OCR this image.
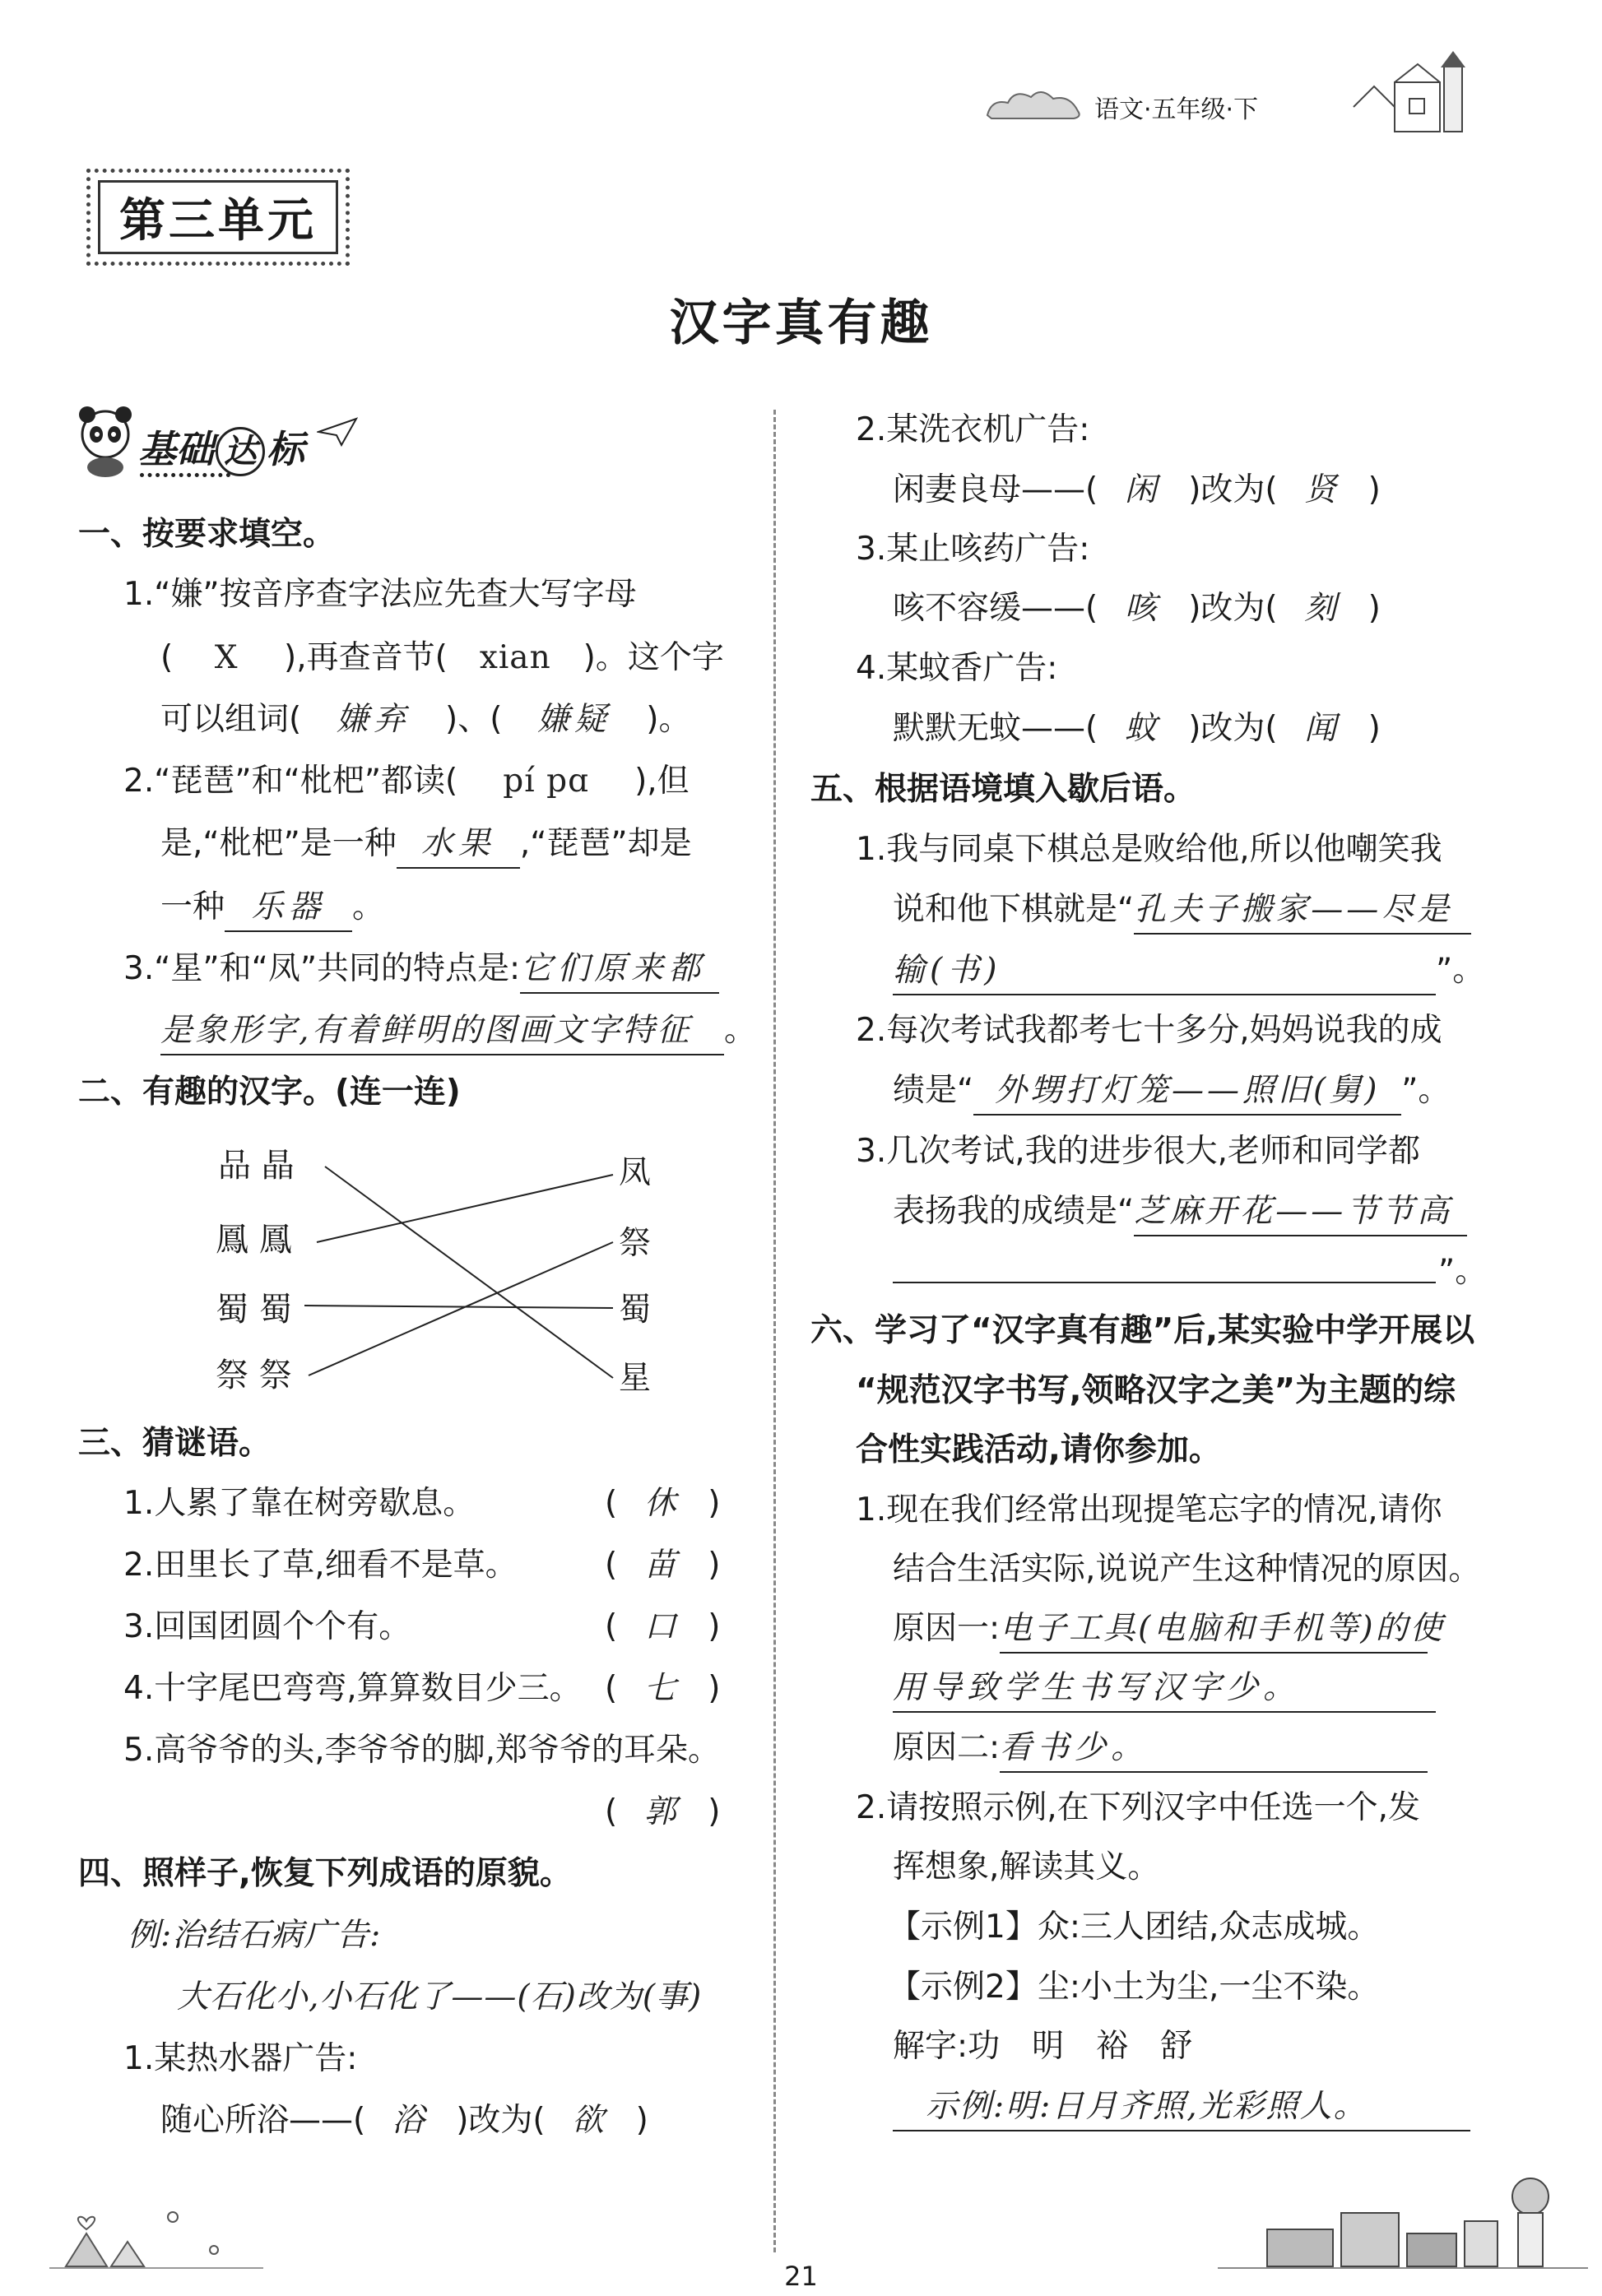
语文·五年级·下
第三单元
汉字真有趣
基础 达 标
一、按要求填空。
1.“嫌”按音序查字法应先查大写字母
( X ),再查音节( xian )。这个字
可以组词( 嫌弃 )、( 嫌疑 )。
2.“琵琶”和“枇杷”都读( pí pɑ ),但
是,“枇杷”是一种 水果 ,“琵琶”却是
一种 乐器 。
3.“星”和“凤”共同的特点是:它们原来都
是象形字,有着鲜明的图画文字特征 。
二、有趣的汉字。(连一连)
品 晶
鳳 鳳
蜀 蜀
祭 祭
凤
祭
蜀
星
三、猜谜语。
1.人累了靠在树旁歇息。	( 休 )
2.田里长了草,细看不是草。	( 苗 )
3.回国团圆个个有。	( 口 )
4.十字尾巴弯弯,算算数目少三。 ( 七 )
5.高爷爷的头,李爷爷的脚,郑爷爷的耳朵。
( 郭 )
四、照样子,恢复下列成语的原貌。
例:治结石病广告:
大石化小,小石化了——(石)改为(事)
1.某热水器广告:
随心所浴——( 浴 )改为( 欲 )
2.某洗衣机广告:
闲妻良母——( 闲 )改为( 贤 )
3.某止咳药广告:
咳不容缓——( 咳 )改为( 刻 )
4.某蚊香广告:
默默无蚊——( 蚊 )改为( 闻 )
五、根据语境填入歇后语。
1.我与同桌下棋总是败给他,所以他嘲笑我
说和他下棋就是“孔夫子搬家——尽是
输(书)	”。
2.每次考试我都考七十多分,妈妈说我的成
绩是“ 外甥打灯笼——照旧(舅) ”。
3.几次考试,我的进步很大,老师和同学都
表扬我的成绩是“芝麻开花——节节高
”。
六、学习了“汉字真有趣”后,某实验中学开展以
“规范汉字书写,领略汉字之美”为主题的综
合性实践活动,请你参加。
1.现在我们经常出现提笔忘字的情况,请你
结合生活实际,说说产生这种情况的原因。
原因一:电子工具(电脑和手机等)的使
用导致学生书写汉字少。
原因二:看书少。
2.请按照示例,在下列汉字中任选一个,发
挥想象,解读其义。
【示例1】众:三人团结,众志成城。
【示例2】尘:小土为尘,一尘不染。
解字:功　明　裕　舒
示例:明:日月齐照,光彩照人。
21
